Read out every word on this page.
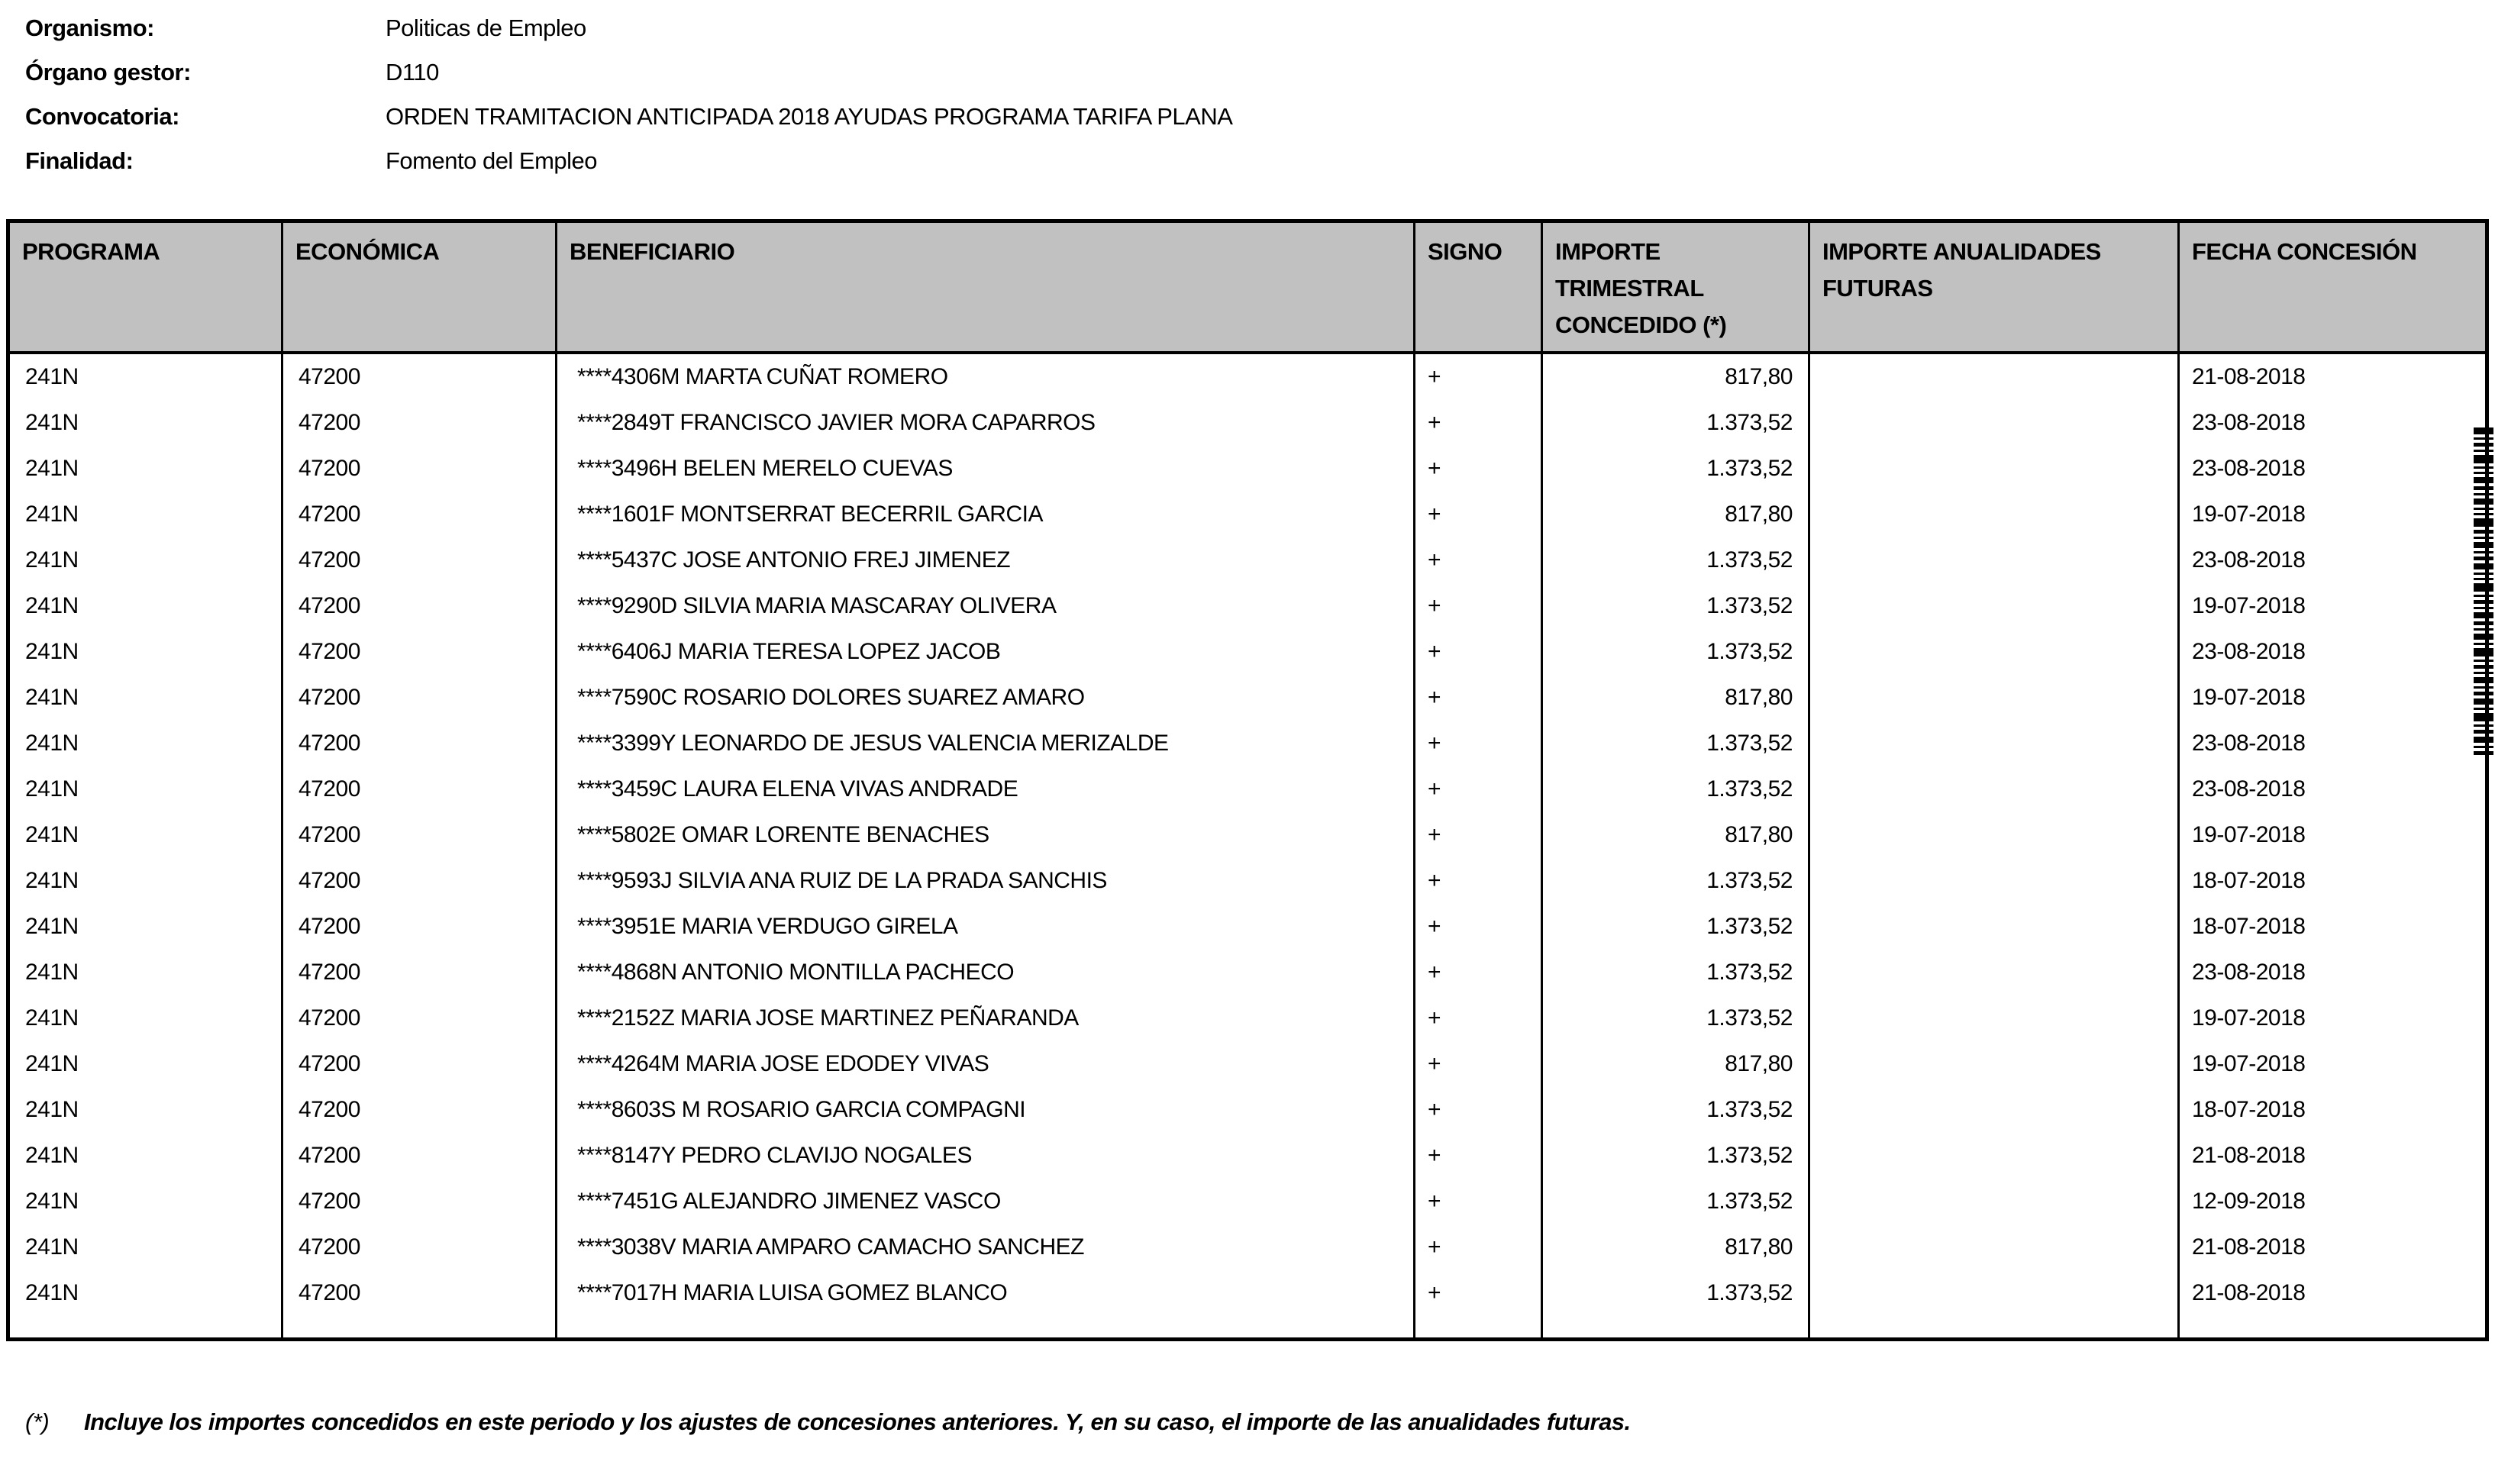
Organismo:	Politicas de Empleo
Órgano gestor:	D110
Convocatoria:	ORDEN TRAMITACION ANTICIPADA 2018 AYUDAS PROGRAMA TARIFA PLANA
Finalidad:	Fomento del Empleo
PROGRAMA	ECONÓMICA	BENEFICIARIO	SIGNO	IMPORTE TRIMESTRAL CONCEDIDO (*)	IMPORTE ANUALIDADES FUTURAS	FECHA CONCESIÓN
241N	47200	****4306M MARTA CUÑAT ROMERO	+	817,80		21-08-2018
241N	47200	****2849T FRANCISCO JAVIER MORA CAPARROS	+	1.373,52		23-08-2018
241N	47200	****3496H BELEN MERELO CUEVAS	+	1.373,52		23-08-2018
241N	47200	****1601F MONTSERRAT BECERRIL GARCIA	+	817,80		19-07-2018
241N	47200	****5437C JOSE ANTONIO FREJ JIMENEZ	+	1.373,52		23-08-2018
241N	47200	****9290D SILVIA MARIA MASCARAY OLIVERA	+	1.373,52		19-07-2018
241N	47200	****6406J MARIA TERESA LOPEZ JACOB	+	1.373,52		23-08-2018
241N	47200	****7590C ROSARIO DOLORES SUAREZ AMARO	+	817,80		19-07-2018
241N	47200	****3399Y LEONARDO DE JESUS VALENCIA MERIZALDE	+	1.373,52		23-08-2018
241N	47200	****3459C LAURA ELENA VIVAS ANDRADE	+	1.373,52		23-08-2018
241N	47200	****5802E OMAR LORENTE BENACHES	+	817,80		19-07-2018
241N	47200	****9593J SILVIA ANA RUIZ DE LA PRADA SANCHIS	+	1.373,52		18-07-2018
241N	47200	****3951E MARIA VERDUGO GIRELA	+	1.373,52		18-07-2018
241N	47200	****4868N ANTONIO MONTILLA PACHECO	+	1.373,52		23-08-2018
241N	47200	****2152Z MARIA JOSE MARTINEZ PEÑARANDA	+	1.373,52		19-07-2018
241N	47200	****4264M MARIA JOSE EDODEY VIVAS	+	817,80		19-07-2018
241N	47200	****8603S M ROSARIO GARCIA COMPAGNI	+	1.373,52		18-07-2018
241N	47200	****8147Y PEDRO CLAVIJO NOGALES	+	1.373,52		21-08-2018
241N	47200	****7451G ALEJANDRO JIMENEZ VASCO	+	1.373,52		12-09-2018
241N	47200	****3038V MARIA AMPARO CAMACHO SANCHEZ	+	817,80		21-08-2018
241N	47200	****7017H MARIA LUISA GOMEZ BLANCO	+	1.373,52		21-08-2018

(*)	Incluye los importes concedidos en este periodo y los ajustes de concesiones anteriores. Y, en su caso, el importe de las anualidades futuras.
